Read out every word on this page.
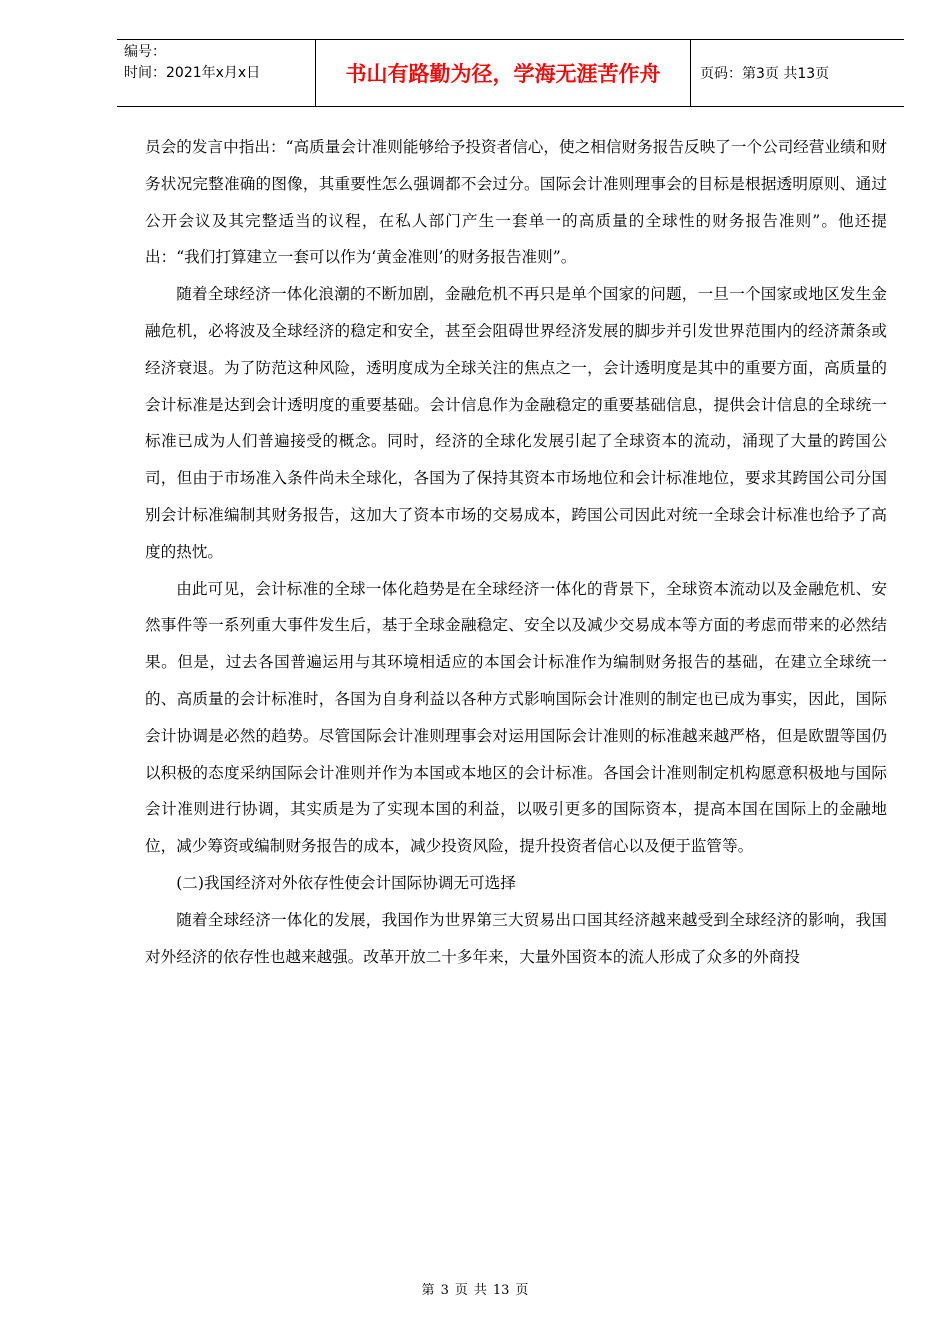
编号：
时间：2021年x月x日	书山有路勤为径，学海无涯苦作舟	页码：第3页 共13页

员会的发言中指出：“高质量会计准则能够给予投资者信心，使之相信财务报告反映了一个公司经营业绩和财务状况完整准确的图像，其重要性怎么强调都不会过分。国际会计准则理事会的目标是根据透明原则、通过公开会议及其完整适当的议程，在私人部门产生一套单一的高质量的全球性的财务报告准则”。他还提出：“我们打算建立一套可以作为‘黄金准则’的财务报告准则”。

随着全球经济一体化浪潮的不断加剧，金融危机不再只是单个国家的问题，一旦一个国家或地区发生金融危机，必将波及全球经济的稳定和安全，甚至会阻碍世界经济发展的脚步并引发世界范围内的经济萧条或经济衰退。为了防范这种风险，透明度成为全球关注的焦点之一，会计透明度是其中的重要方面，高质量的会计标准是达到会计透明度的重要基础。会计信息作为金融稳定的重要基础信息，提供会计信息的全球统一标准已成为人们普遍接受的概念。同时，经济的全球化发展引起了全球资本的流动，涌现了大量的跨国公司，但由于市场准入条件尚未全球化，各国为了保持其资本市场地位和会计标准地位，要求其跨国公司分国别会计标准编制其财务报告，这加大了资本市场的交易成本，跨国公司因此对统一全球会计标准也给予了高度的热忱。

由此可见，会计标准的全球一体化趋势是在全球经济一体化的背景下，全球资本流动以及金融危机、安然事件等一系列重大事件发生后，基于全球金融稳定、安全以及减少交易成本等方面的考虑而带来的必然结果。但是，过去各国普遍运用与其环境相适应的本国会计标准作为编制财务报告的基础，在建立全球统一的、高质量的会计标准时，各国为自身利益以各种方式影响国际会计准则的制定也已成为事实，因此，国际会计协调是必然的趋势。尽管国际会计准则理事会对运用国际会计准则的标准越来越严格，但是欧盟等国仍以积极的态度采纳国际会计准则并作为本国或本地区的会计标准。各国会计准则制定机构愿意积极地与国际会计准则进行协调，其实质是为了实现本国的利益，以吸引更多的国际资本，提高本国在国际上的金融地位，减少筹资或编制财务报告的成本，减少投资风险，提升投资者信心以及便于监管等。

(二)我国经济对外依存性使会计国际协调无可选择

随着全球经济一体化的发展，我国作为世界第三大贸易出口国其经济越来越受到全球经济的影响，我国对外经济的依存性也越来越强。改革开放二十多年来，大量外国资本的流人形成了众多的外商投

第 3 页 共 13 页
